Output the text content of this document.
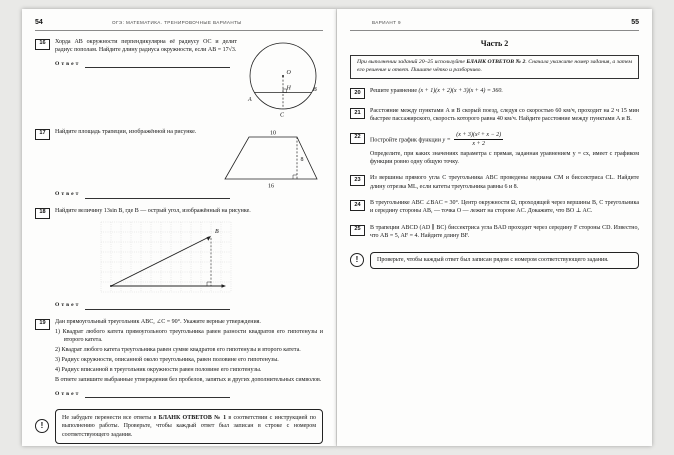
54	ОГЭ: МАТЕМАТИКА. ТРЕНИРОВОЧНЫЕ ВАРИАНТЫ
16
O
H
A
B
C
Хорда AB окружности перпендикулярна её радиусу OC и делит радиус пополам. Найдите длину радиуса окружности, если AB = 17√3.
Ответ
17	10
8
16
Найдите площадь трапеции, изображённой на рисунке.
Ответ
18	Найдите величину 13sin B, где B — острый угол, изображённый на рисунке.
B
Ответ
19	Дан прямоугольный треугольник ABC, ∠C = 90°. Укажите верные утверждения.
1) Квадрат любого катета прямоугольного треугольника равен разности квадратов его гипотенузы и второго катета.
2) Квадрат любого катета треугольника равен сумме квадратов его гипотенузы и второго катета.
3) Радиус окружности, описанной около треугольника, равен половине его гипотенузы.
4) Радиус вписанной в треугольник окружности равен половине его гипотенузы.
В ответе запишите выбранные утверждения без пробелов, запятых и других дополнительных символов.
Ответ
!
Не забудьте перенести все ответы в БЛАНК ОТВЕТОВ № 1 в соответствии с инструкцией по выполнению работы. Проверьте, чтобы каждый ответ был записан в строке с номером соответствующего задания.
ВАРИАНТ 9	55
Часть 2
При выполнении заданий 20–25 используйте БЛАНК ОТВЕТОВ № 2. Сначала укажите номер задания, а затем его решение и ответ. Пишите чётко и разборчиво.
20	Решите уравнение (x + 1)(x + 2)(x + 3)(x + 4) = 360.
21	Расстояние между пунктами A и B скорый поезд, следуя со скоростью 60 км/ч, проходит на 2 ч 15 мин быстрее пассажирского, скорость которого равна 40 км/ч. Найдите расстояние между пунктами A и B.
22	Постройте график функции $y = \frac{\text{(x + 3)(x² + x − 2)}}{x + 2}$
Определите, при каких значениях параметра c прямая, заданная уравнением y = cx, имеет с графиком функции ровно одну общую точку.
23	Из вершины прямого угла C треугольника ABC проведены медиана CM и биссектриса CL. Найдите длину отрезка ML, если катеты треугольника равны 6 и 8.
24	В треугольнике ABC ∠BAC = 30°. Центр окружности Ω, проходящей через вершины B, C треугольника и середину стороны AB, — точка O — лежит на стороне AC. Докажите, что BO ⊥ AC.
25	В трапеции ABCD (AD ∥ BC) биссектриса угла BAD проходит через середину F стороны CD. Известно, что AB = 5, AF = 4. Найдите длину BF.
!	Проверьте, чтобы каждый ответ был записан рядом с номером соответствующего задания.
